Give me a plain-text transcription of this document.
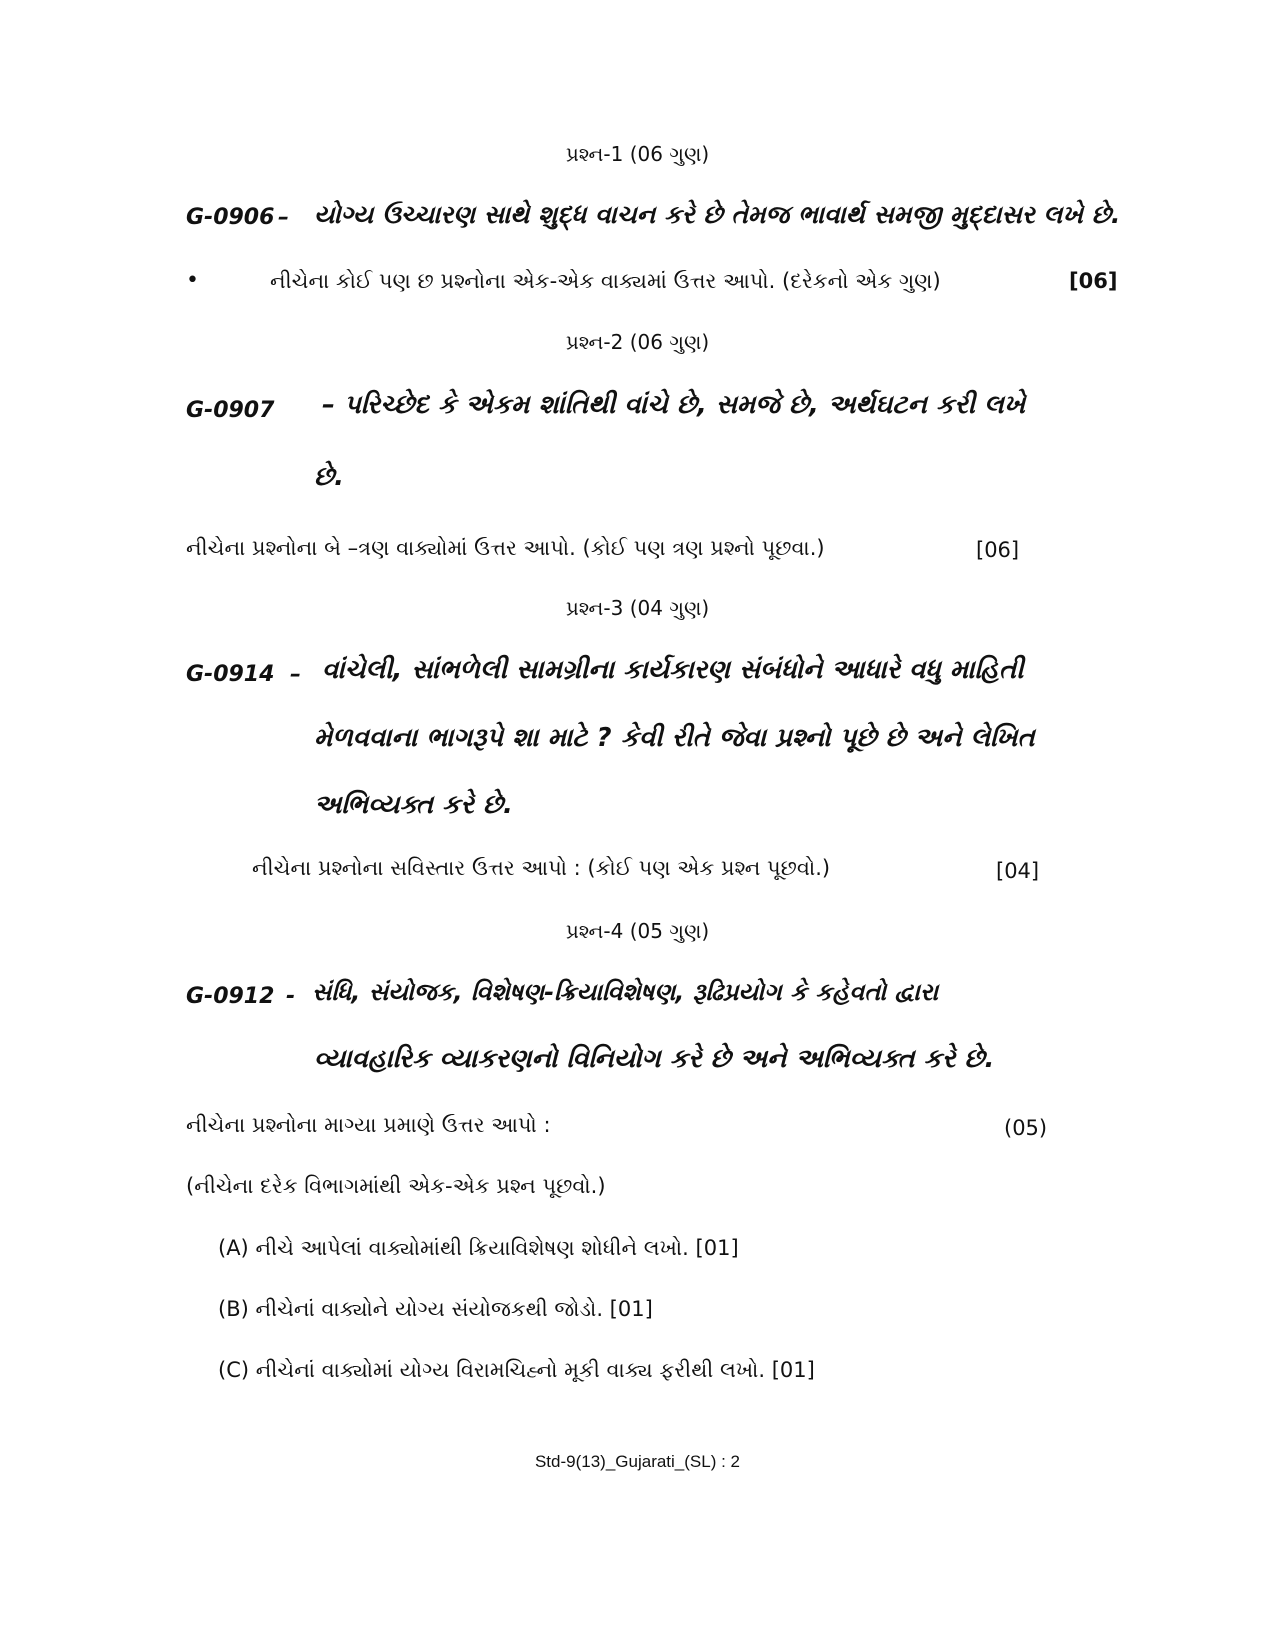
પ્રશ્ન-1 (06 ગુણ)
G-0906 – યોગ્ય ઉચ્ચારણ સાથે શુદ્ધ વાચન કરે છે તેમજ ભાવાર્થ સમજી મુદ્દાસર લખે છે.
•	નીચેના કોઈ પણ છ પ્રશ્નોના એક-એક વાક્યમાં ઉત્તર આપો. (દરેકનો એક ગુણ)	[06]
પ્રશ્ન-2 (06 ગુણ)
G-0907 – પરિચ્છેદ કે એકમ શાંતિથી વાંચે છે, સમજે છે, અર્થઘટન કરી લખે
છે.
નીચેના પ્રશ્નોના બે –ત્રણ વાક્યોમાં ઉત્તર આપો. (કોઈ પણ ત્રણ પ્રશ્નો પૂછવા.)	[06]
પ્રશ્ન-3 (04 ગુણ)
G-0914 – વાંચેલી, સાંભળેલી સામગ્રીના કાર્યકારણ સંબંધોને આધારે વધુ માહિતી
મેળવવાના ભાગરૂપે શા માટે ? કેવી રીતે જેવા પ્રશ્નો પૂછે છે અને લેખિત
અભિવ્યક્ત કરે છે.
નીચેના પ્રશ્નોના સવિસ્તાર ઉત્તર આપો : (કોઈ પણ એક પ્રશ્ન પૂછવો.)	[04]
પ્રશ્ન-4 (05 ગુણ)
G-0912 - સંધિ, સંયોજક, વિશેષણ-ક્રિયાવિશેષણ, રૂઢિપ્રયોગ કે કહેવતો દ્વારા
વ્યાવહારિક વ્યાકરણનો વિનિયોગ કરે છે અને અભિવ્યક્ત કરે છે.
નીચેના પ્રશ્નોના માગ્યા પ્રમાણે ઉત્તર આપો :	(05)
(નીચેના દરેક વિભાગમાંથી એક-એક પ્રશ્ન પૂછવો.)
(A) નીચે આપેલાં વાક્યોમાંથી ક્રિયાવિશેષણ શોધીને લખો. [01]
(B) નીચેનાં વાક્યોને યોગ્ય સંયોજકથી જોડો. [01]
(C) નીચેનાં વાક્યોમાં યોગ્ય વિરામચિહ્નો મૂકી વાક્ય ફરીથી લખો. [01]
Std-9(13)_Gujarati_(SL) : 2
